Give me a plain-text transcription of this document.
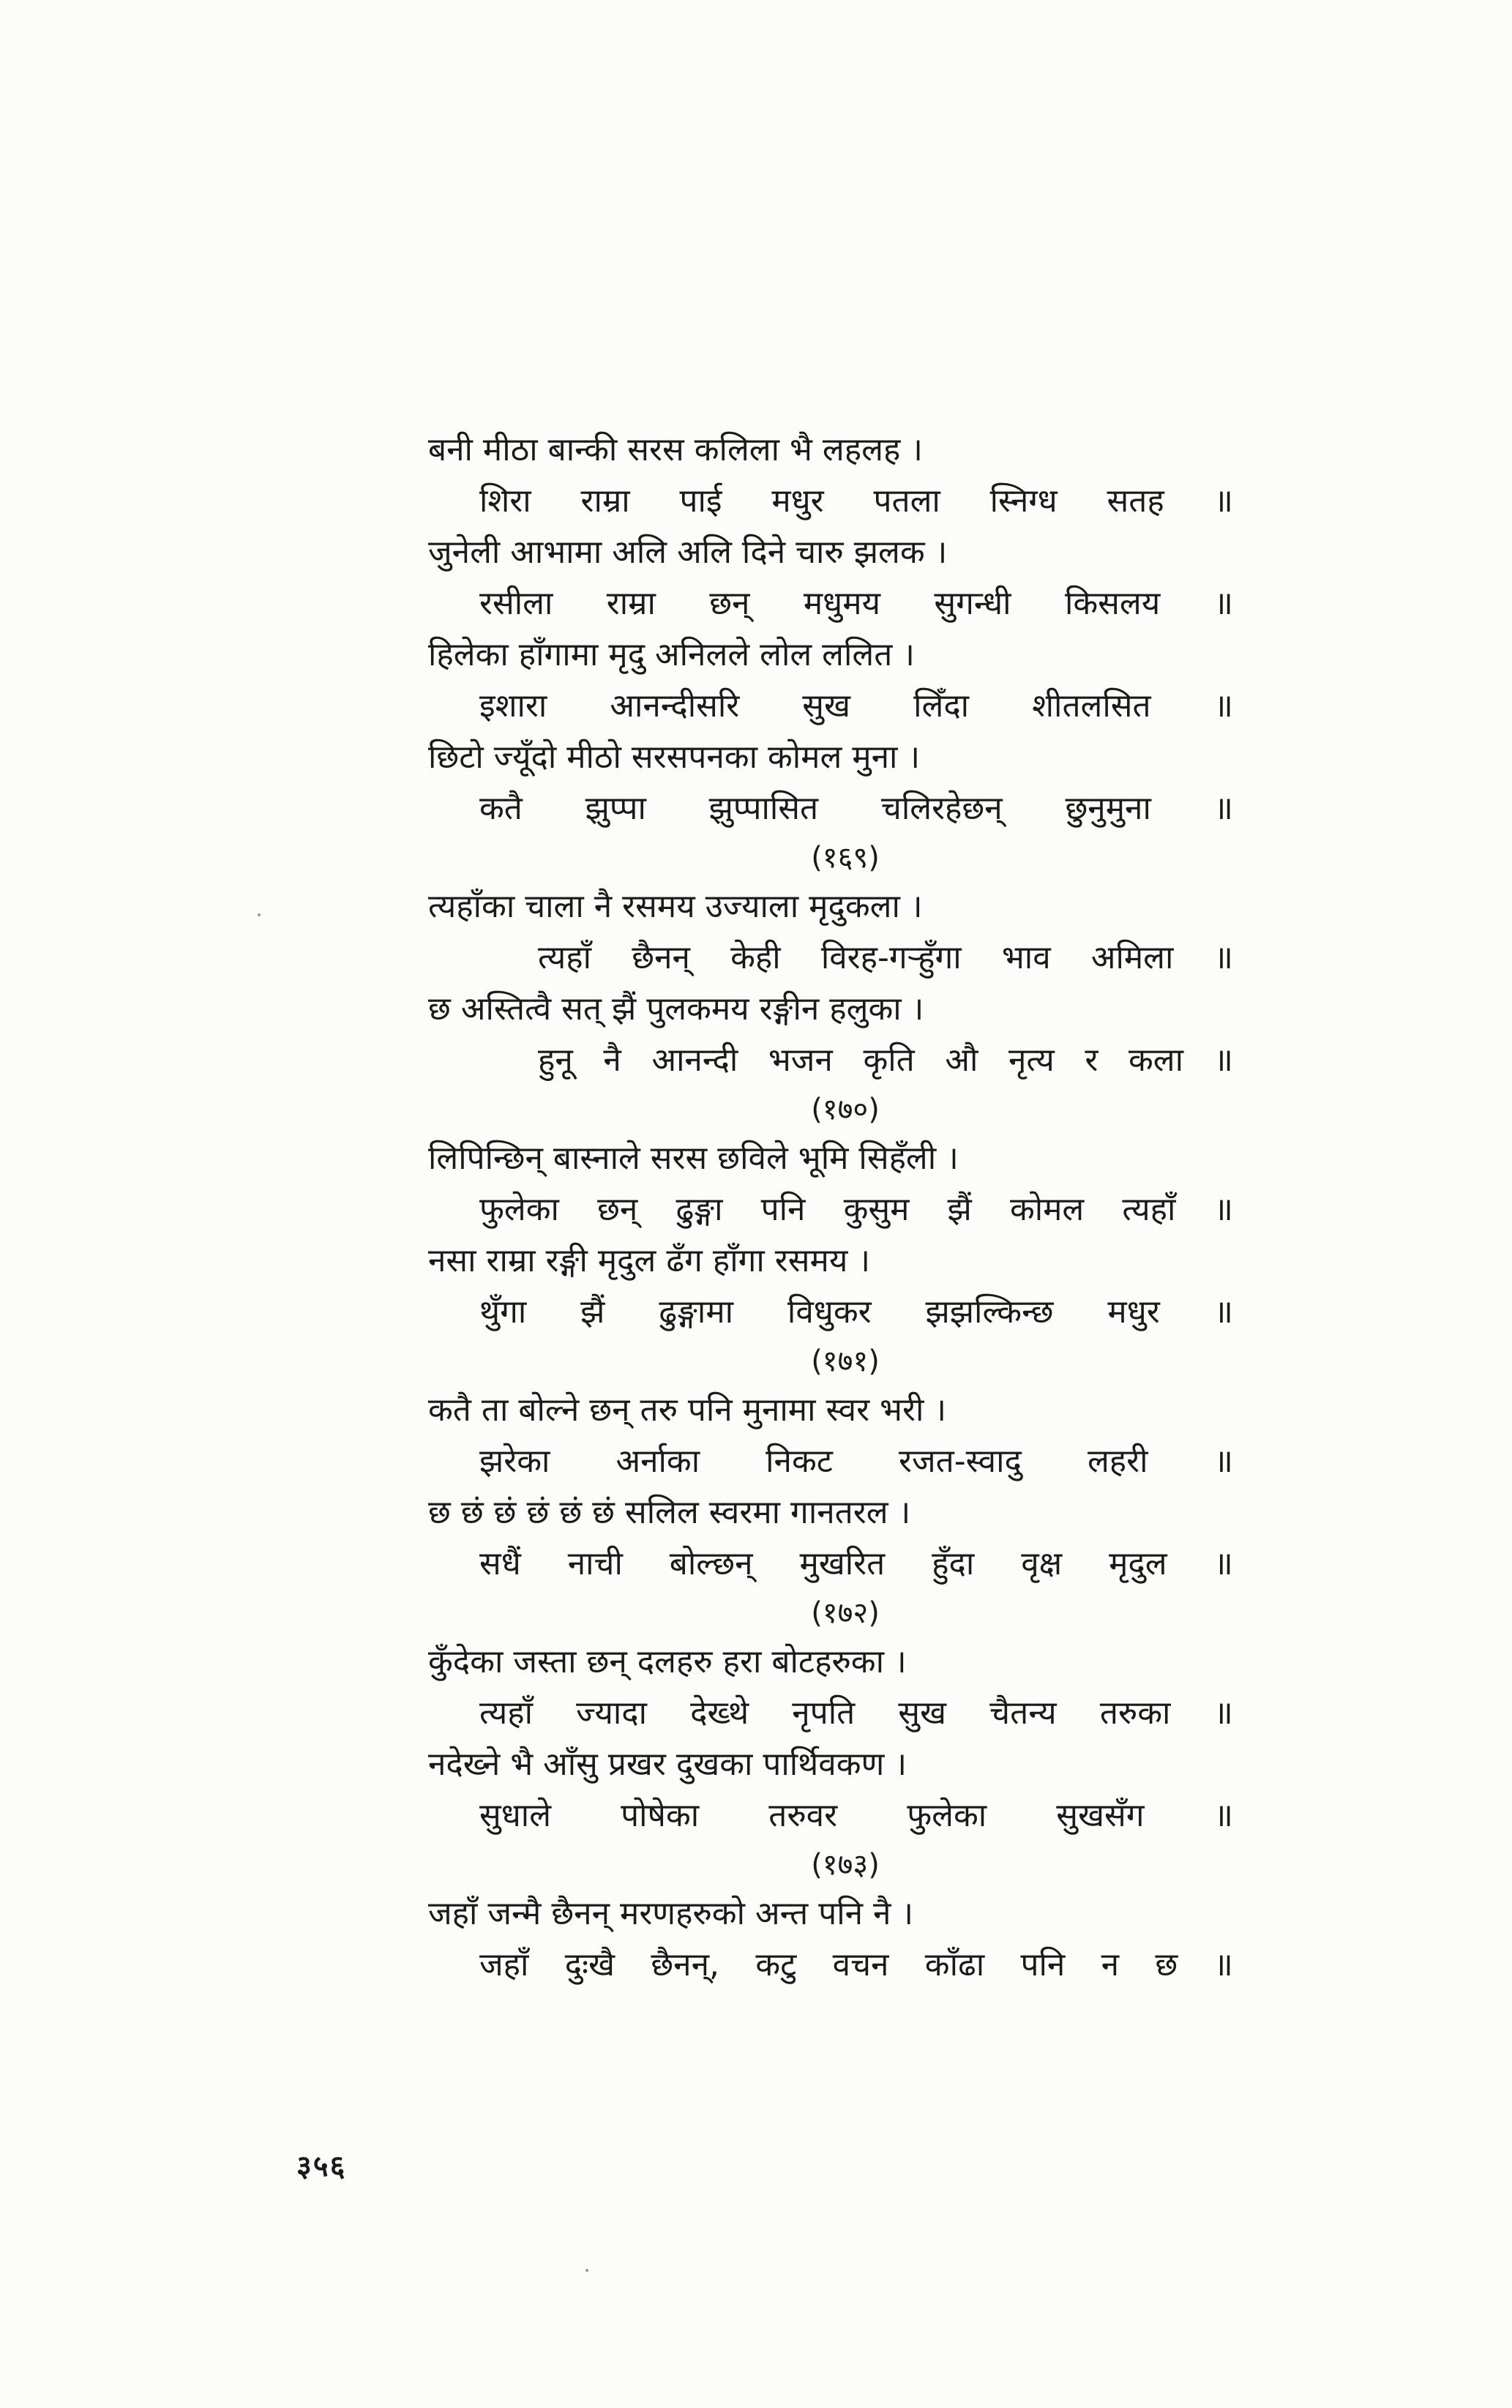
बनी मीठा बान्की सरस कलिला भै लहलह ।
शिरा राम्रा पाई मधुर पतला स्निग्ध सतह ॥
जुनेली आभामा अलि अलि दिने चारु झलक ।
रसीला राम्रा छन् मधुमय सुगन्धी किसलय ॥
हिलेका हाँगामा मृदु अनिलले लोल ललित ।
इशारा आनन्दीसरि सुख लिँदा शीतलसित ॥
छिटो ज्यूँदो मीठो सरसपनका कोमल मुना ।
कतै झुप्पा झुप्पासित चलिरहेछन् छुनुमुना ॥
(१६९)
त्यहाँका चाला नै रसमय उज्याला मृदुकला ।
त्यहाँ छैनन् केही विरह-गऱ्हुँगा भाव अमिला ॥
छ अस्तित्वै सत् झैं पुलकमय रङ्गीन हलुका ।
हुनू नै आनन्दी भजन कृति औ नृत्य र कला ॥
(१७०)
लिपिन्छिन् बास्नाले सरस छविले भूमि सिहँली ।
फुलेका छन् ढुङ्गा पनि कुसुम झैं कोमल त्यहाँ ॥
नसा राम्रा रङ्गी मृदुल ढँग हाँगा रसमय ।
थुँगा झैं ढुङ्गामा विधुकर झझल्किन्छ मधुर ॥
(१७१)
कतै ता बोल्ने छन् तरु पनि मुनामा स्वर भरी ।
झरेका अर्नाका निकट रजत-स्वादु लहरी ॥
छ छं छं छं छं छं सलिल स्वरमा गानतरल ।
सधैं नाची बोल्छन् मुखरित हुँदा वृक्ष मृदुल ॥
(१७२)
कुँदेका जस्ता छन् दलहरु हरा बोटहरुका ।
त्यहाँ ज्यादा देख्थे नृपति सुख चैतन्य तरुका ॥
नदेख्ने भै आँसु प्रखर दुखका पार्थिवकण ।
सुधाले पोषेका तरुवर फुलेका सुखसँग ॥
(१७३)
जहाँ जन्मै छैनन् मरणहरुको अन्त पनि नै ।
जहाँ दुःखै छैनन्, कटु वचन काँढा पनि न छ ॥
३५६
